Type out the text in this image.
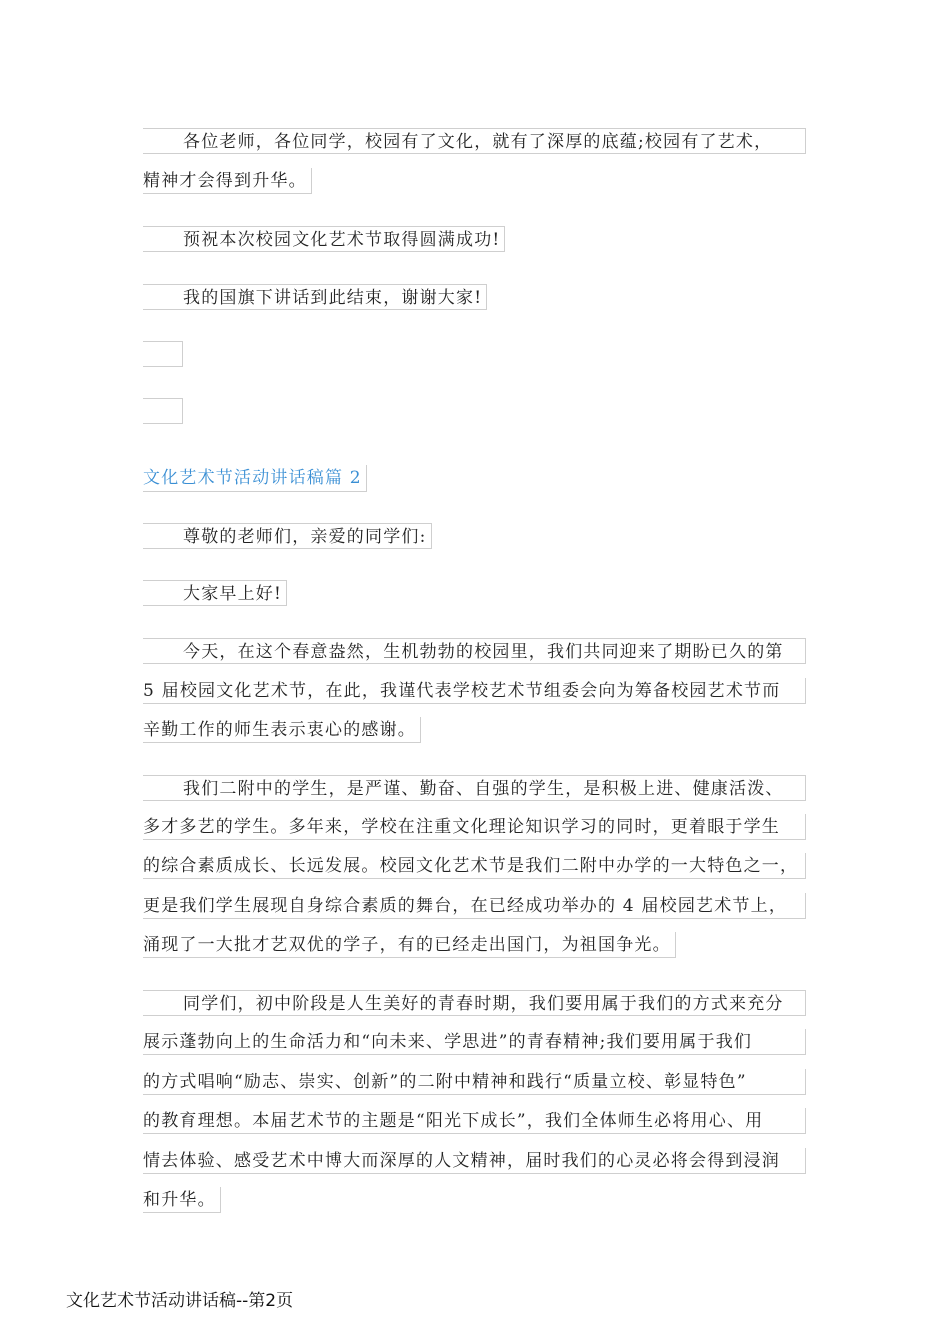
各位老师，各位同学，校园有了文化，就有了深厚的底蕴;校园有了艺术，
精神才会得到升华。
预祝本次校园文化艺术节取得圆满成功!
我的国旗下讲话到此结束，谢谢大家!
文化艺术节活动讲话稿篇 2
尊敬的老师们，亲爱的同学们:
大家早上好!
今天，在这个春意盎然，生机勃勃的校园里，我们共同迎来了期盼已久的第
5 届校园文化艺术节，在此，我谨代表学校艺术节组委会向为筹备校园艺术节而
辛勤工作的师生表示衷心的感谢。
我们二附中的学生，是严谨、勤奋、自强的学生，是积极上进、健康活泼、
多才多艺的学生。多年来，学校在注重文化理论知识学习的同时，更着眼于学生
的综合素质成长、长远发展。校园文化艺术节是我们二附中办学的一大特色之一，
更是我们学生展现自身综合素质的舞台，在已经成功举办的 4 届校园艺术节上，
涌现了一大批才艺双优的学子，有的已经走出国门，为祖国争光。
同学们，初中阶段是人生美好的青春时期，我们要用属于我们的方式来充分
展示蓬勃向上的生命活力和“向未来、学思进”的青春精神;我们要用属于我们
的方式唱响“励志、崇实、创新”的二附中精神和践行“质量立校、彰显特色”
的教育理想。本届艺术节的主题是“阳光下成长”，我们全体师生必将用心、用
情去体验、感受艺术中博大而深厚的人文精神，届时我们的心灵必将会得到浸润
和升华。
文化艺术节活动讲话稿--第2页
